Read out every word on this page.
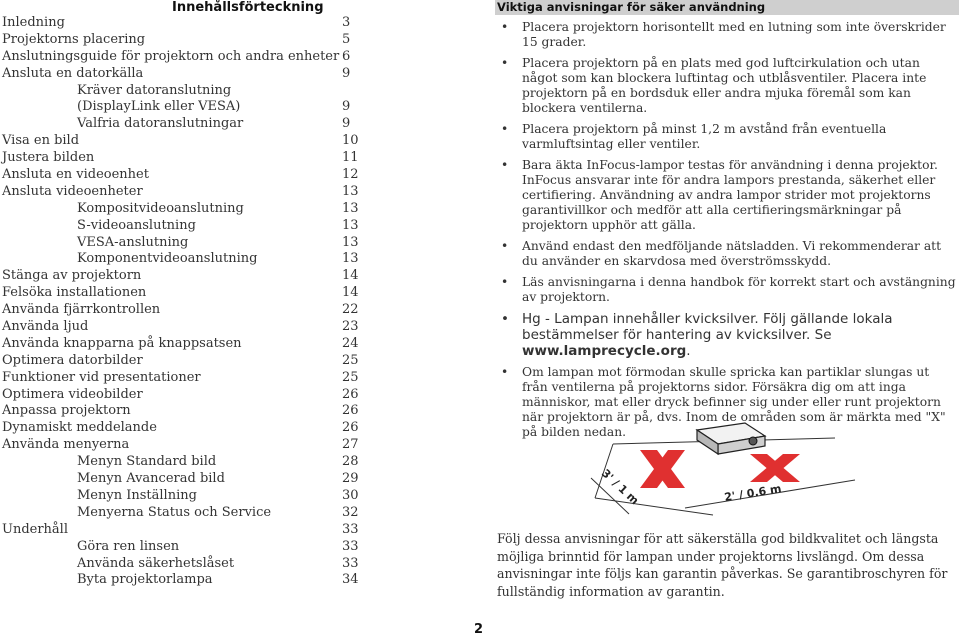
Innehållsförteckning
Inledning	3
Projektorns placering	5
Anslutningsguide för projektorn och andra enheter 6
Ansluta en datorkälla	9
Kräver datoranslutning
(DisplayLink eller VESA)	9
Valfria datoranslutningar	9
Visa en bild	10
Justera bilden	11
Ansluta en videoenhet	12
Ansluta videoenheter	13
Kompositvideoanslutning	13
S-videoanslutning	13
VESA-anslutning	13
Komponentvideoanslutning	13
Stänga av projektorn	14
Felsöka installationen	14
Använda fjärrkontrollen	22
Använda ljud	23
Använda knapparna på knappsatsen	24
Optimera datorbilder	25
Funktioner vid presentationer	25
Optimera videobilder	26
Anpassa projektorn	26
Dynamiskt meddelande	26
Använda menyerna	27
Menyn Standard bild	28
Menyn Avancerad bild	29
Menyn Inställning	30
Menyerna Status och Service	32
Underhåll	33
Göra ren linsen	33
Använda säkerhetslåset	33
Byta projektorlampa	34
Viktiga anvisningar för säker användning
• Placera projektorn horisontellt med en lutning som inte överskrider 15 grader.
• Placera projektorn på en plats med god luftcirkulation och utan något som kan blockera luftintag och utblåsventiler. Placera inte projektorn på en bordsduk eller andra mjuka föremål som kan blockera ventilerna.
• Placera projektorn på minst 1,2 m avstånd från eventuella varmluftsintag eller ventiler.
• Bara äkta InFocus-lampor testas för användning i denna projektor. InFocus ansvarar inte för andra lampors prestanda, säkerhet eller certifiering. Användning av andra lampor strider mot projektorns garantivillkor och medför att alla certifieringsmärkningar på projektorn upphör att gälla.
• Använd endast den medföljande nätsladden. Vi rekommenderar att du använder en skarvdosa med överströmsskydd.
• Läs anvisningarna i denna handbok för korrekt start och avstängning av projektorn.
• Hg - Lampan innehåller kvicksilver. Följ gällande lokala bestämmelser för hantering av kvicksilver. Se www.lamprecycle.org.
• Om lampan mot förmodan skulle spricka kan partiklar slungas ut från ventilerna på projektorns sidor. Försäkra dig om att inga människor, mat eller dryck befinner sig under eller runt projektorn när projektorn är på, dvs. Inom de områden som är märkta med "X" på bilden nedan.
3' / 1 m	2' / 0.6 m
Följ dessa anvisningar för att säkerställa god bildkvalitet och längsta möjliga brinntid för lampan under projektorns livslängd. Om dessa anvisningar inte följs kan garantin påverkas. Se garantibroschyren för fullständig information av garantin.
2
